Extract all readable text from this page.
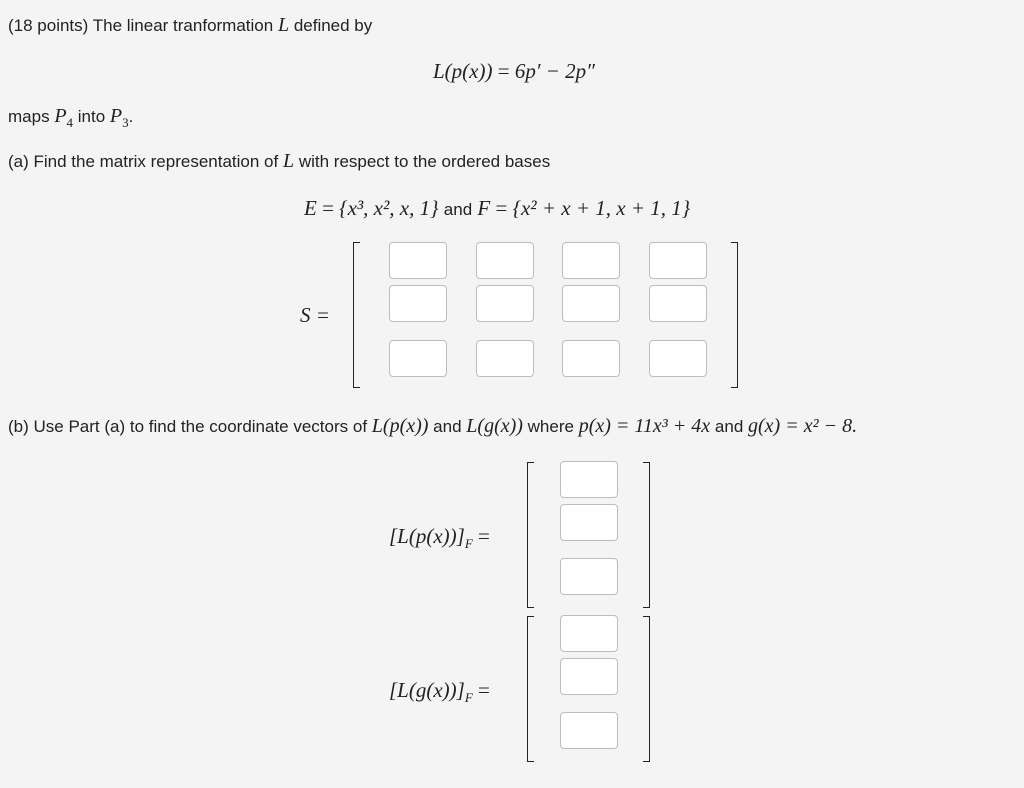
(18 points) The linear tranformation L defined by
L(p(x)) = 6p′ − 2p″
maps $P_4$ into $P_3$.
(a) Find the matrix representation of L with respect to the ordered bases
E = {x³, x², x, 1} and F = {x² + x + 1, x + 1, 1}
S =
(b) Use Part (a) to find the coordinate vectors of L(p(x)) and L(g(x)) where p(x) = 11x³ + 4x and g(x) = x² − 8.
$[L(p(x))]_F$ =
$[L(g(x))]_F$ =
